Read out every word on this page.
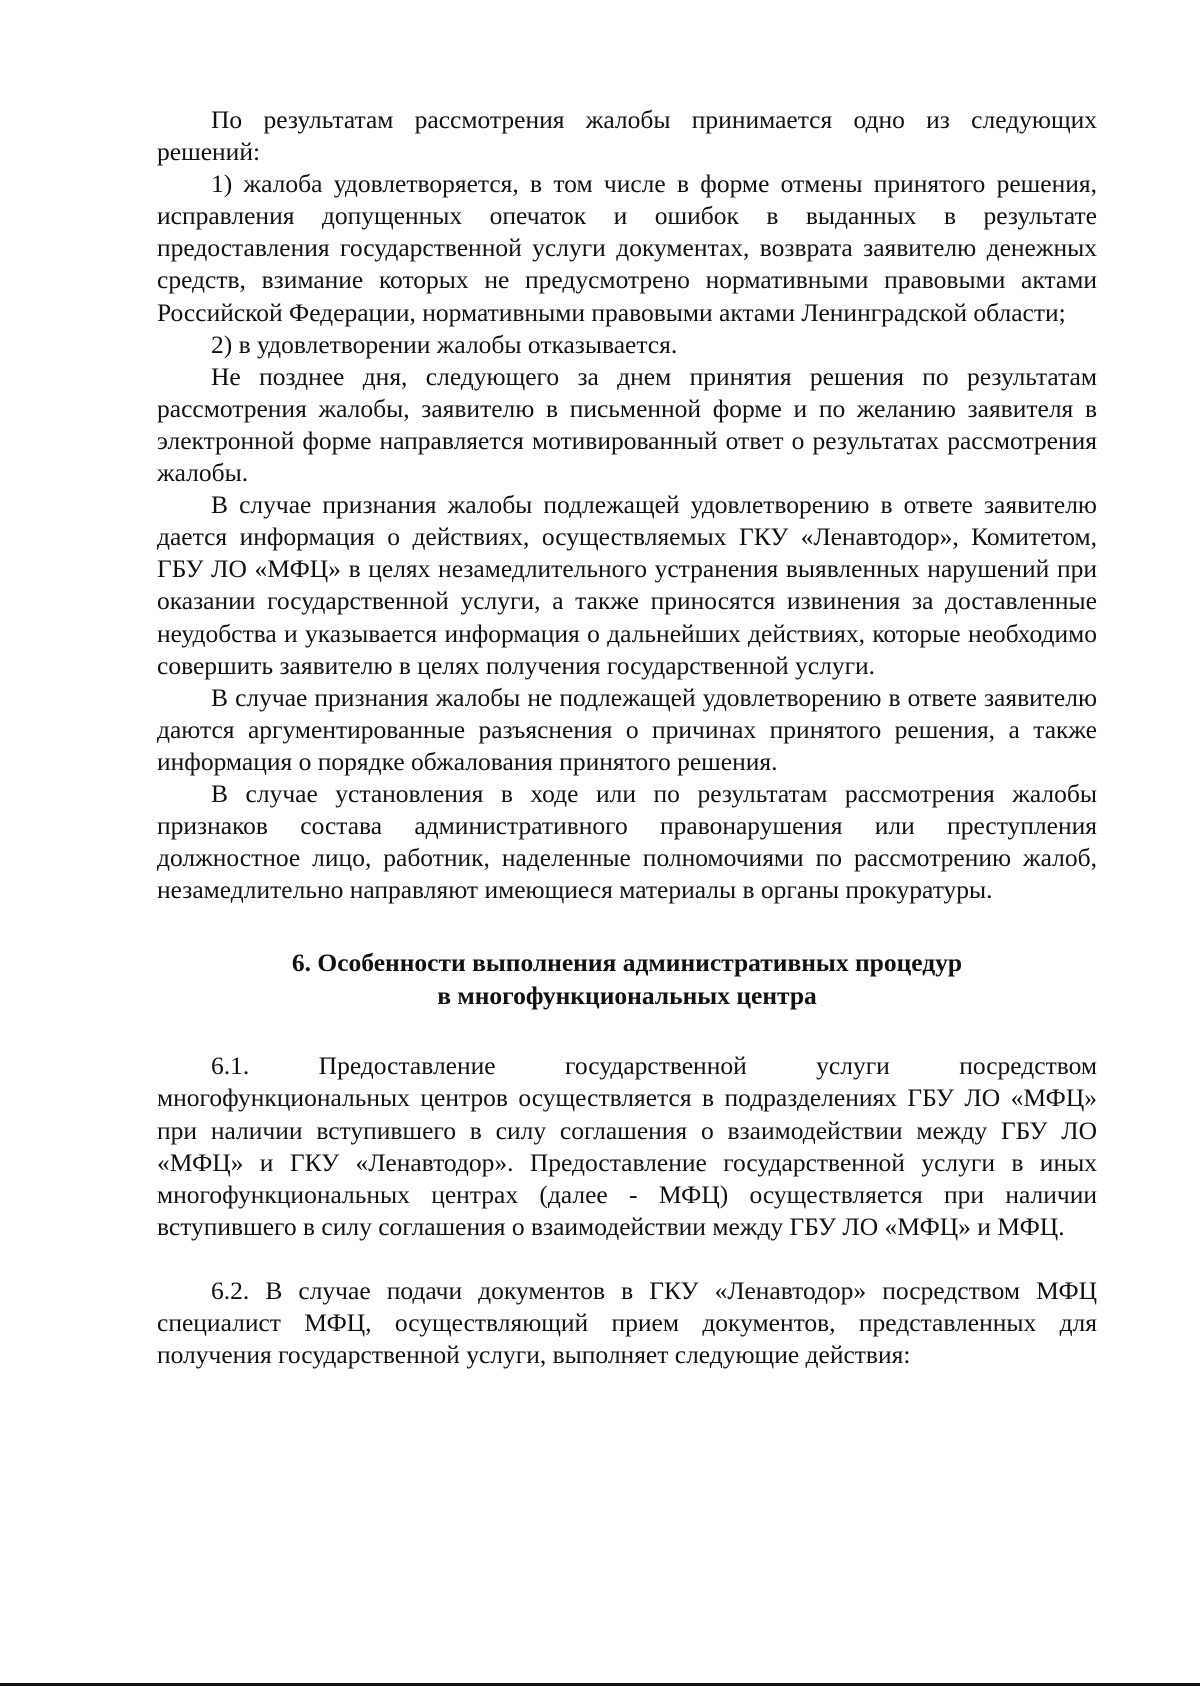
По результатам рассмотрения жалобы принимается одно из следующих решений:

1) жалоба удовлетворяется, в том числе в форме отмены принятого решения, исправления допущенных опечаток и ошибок в выданных в результате предоставления государственной услуги документах, возврата заявителю денежных средств, взимание которых не предусмотрено нормативными правовыми актами Российской Федерации, нормативными правовыми актами Ленинградской области;

2) в удовлетворении жалобы отказывается.

Не позднее дня, следующего за днем принятия решения по результатам рассмотрения жалобы, заявителю в письменной форме и по желанию заявителя в электронной форме направляется мотивированный ответ о результатах рассмотрения жалобы.

В случае признания жалобы подлежащей удовлетворению в ответе заявителю дается информация о действиях, осуществляемых ГКУ «Ленавтодор», Комитетом, ГБУ ЛО «МФЦ» в целях незамедлительного устранения выявленных нарушений при оказании государственной услуги, а также приносятся извинения за доставленные неудобства и указывается информация о дальнейших действиях, которые необходимо совершить заявителю в целях получения государственной услуги.

В случае признания жалобы не подлежащей удовлетворению в ответе заявителю даются аргументированные разъяснения о причинах принятого решения, а также информация о порядке обжалования принятого решения.

В случае установления в ходе или по результатам рассмотрения жалобы признаков состава административного правонарушения или преступления должностное лицо, работник, наделенные полномочиями по рассмотрению жалоб, незамедлительно направляют имеющиеся материалы в органы прокуратуры.

6. Особенности выполнения административных процедур
в многофункциональных центра

6.1. Предоставление государственной услуги посредством многофункциональных центров осуществляется в подразделениях ГБУ ЛО «МФЦ» при наличии вступившего в силу соглашения о взаимодействии между ГБУ ЛО «МФЦ» и ГКУ «Ленавтодор». Предоставление государственной услуги в иных многофункциональных центрах (далее - МФЦ) осуществляется при наличии вступившего в силу соглашения о взаимодействии между ГБУ ЛО «МФЦ» и МФЦ.

6.2. В случае подачи документов в ГКУ «Ленавтодор» посредством МФЦ специалист МФЦ, осуществляющий прием документов, представленных для получения государственной услуги, выполняет следующие действия:
